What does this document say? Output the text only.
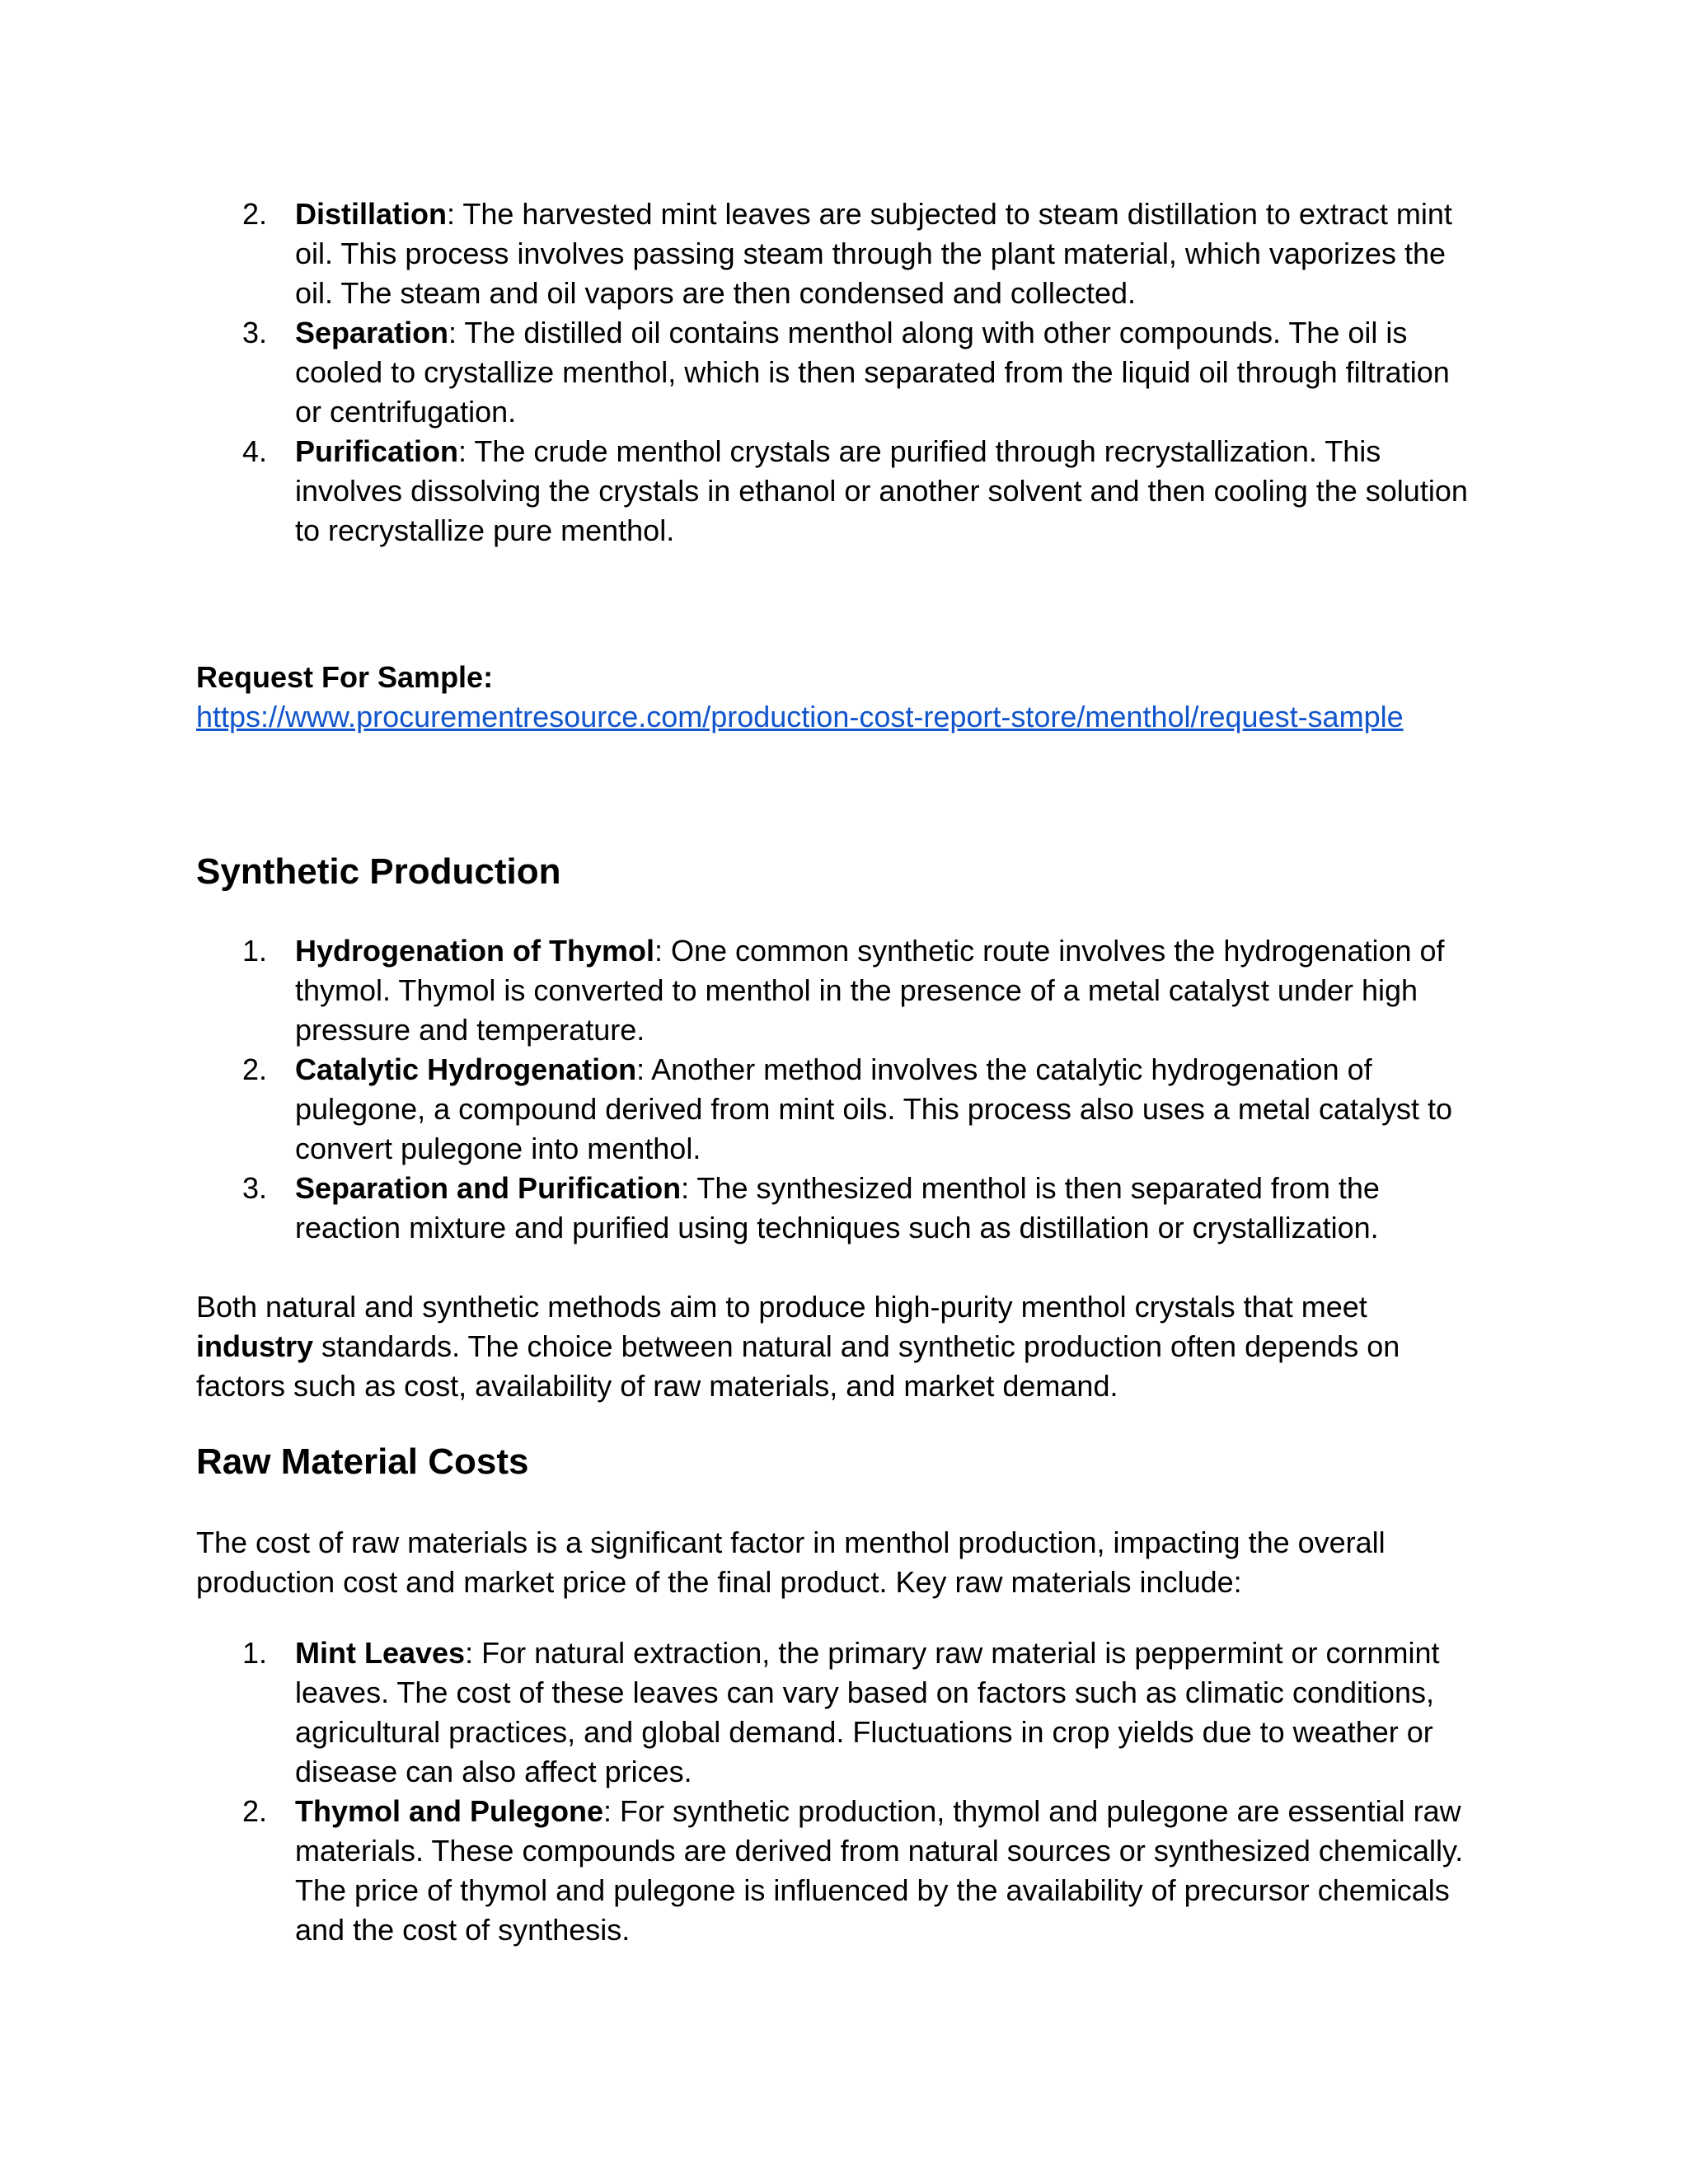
2. Distillation: The harvested mint leaves are subjected to steam distillation to extract mint oil. This process involves passing steam through the plant material, which vaporizes the oil. The steam and oil vapors are then condensed and collected.
3. Separation: The distilled oil contains menthol along with other compounds. The oil is cooled to crystallize menthol, which is then separated from the liquid oil through filtration or centrifugation.
4. Purification: The crude menthol crystals are purified through recrystallization. This involves dissolving the crystals in ethanol or another solvent and then cooling the solution to recrystallize pure menthol.
Request For Sample:
https://www.procurementresource.com/production-cost-report-store/menthol/request-sample
Synthetic Production
1. Hydrogenation of Thymol: One common synthetic route involves the hydrogenation of thymol. Thymol is converted to menthol in the presence of a metal catalyst under high pressure and temperature.
2. Catalytic Hydrogenation: Another method involves the catalytic hydrogenation of pulegone, a compound derived from mint oils. This process also uses a metal catalyst to convert pulegone into menthol.
3. Separation and Purification: The synthesized menthol is then separated from the reaction mixture and purified using techniques such as distillation or crystallization.

Both natural and synthetic methods aim to produce high-purity menthol crystals that meet industry standards. The choice between natural and synthetic production often depends on factors such as cost, availability of raw materials, and market demand.

Raw Material Costs

The cost of raw materials is a significant factor in menthol production, impacting the overall production cost and market price of the final product. Key raw materials include:

1. Mint Leaves: For natural extraction, the primary raw material is peppermint or cornmint leaves. The cost of these leaves can vary based on factors such as climatic conditions, agricultural practices, and global demand. Fluctuations in crop yields due to weather or disease can also affect prices.
2. Thymol and Pulegone: For synthetic production, thymol and pulegone are essential raw materials. These compounds are derived from natural sources or synthesized chemically. The price of thymol and pulegone is influenced by the availability of precursor chemicals and the cost of synthesis.
